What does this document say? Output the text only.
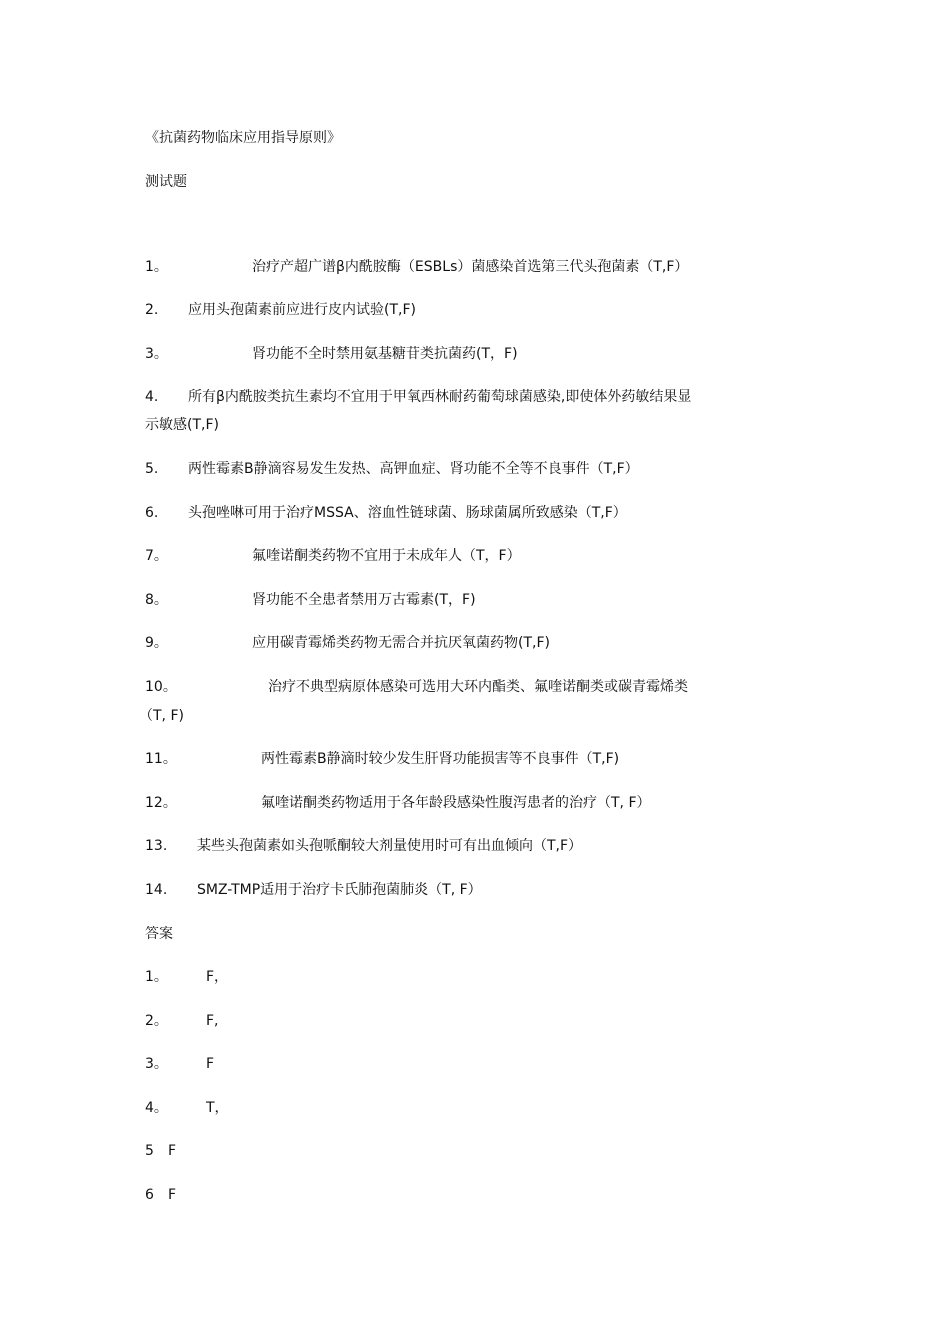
《抗菌药物临床应用指导原则》
测试题
1。	治疗产超广谱β内酰胺酶（ESBLs）菌感染首选第三代头孢菌素（T,F）
2. 应用头孢菌素前应进行皮内试验(T,F)
3。	肾功能不全时禁用氨基糖苷类抗菌药(T，F)
4. 所有β内酰胺类抗生素均不宜用于甲氧西林耐药葡萄球菌感染,即使体外药敏结果显
示敏感(T,F)
5. 两性霉素B静滴容易发生发热、高钾血症、肾功能不全等不良事件（T,F）
6. 头孢唑啉可用于治疗MSSA、溶血性链球菌、肠球菌属所致感染（T,F）
7。	氟喹诺酮类药物不宜用于未成年人（T，F）
8。	肾功能不全患者禁用万古霉素(T，F)
9。	应用碳青霉烯类药物无需合并抗厌氧菌药物(T,F)
10。	治疗不典型病原体感染可选用大环内酯类、氟喹诺酮类或碳青霉烯类
（T, F)
11。	两性霉素B静滴时较少发生肝肾功能损害等不良事件（T,F)
12。	氟喹诺酮类药物适用于各年龄段感染性腹泻患者的治疗（T, F）
13. 某些头孢菌素如头孢哌酮较大剂量使用时可有出血倾向（T,F）
14. SMZ-TMP适用于治疗卡氏肺孢菌肺炎（T, F）
答案
1。	F，
2。	F,
3。	F
4。	T，
5 F
6 F
